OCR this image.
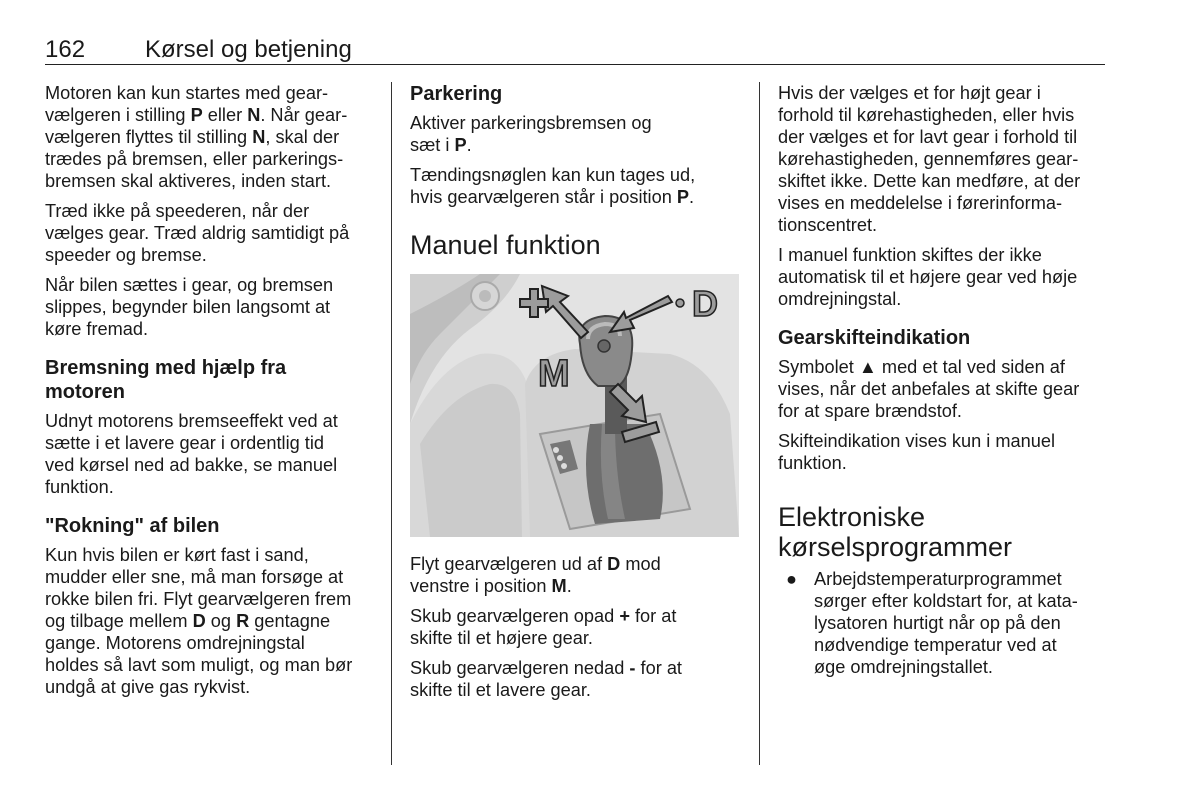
162 Kørsel og betjening

Motoren kan kun startes med gear-
vælgeren i stilling P eller N. Når gear-
vælgeren flyttes til stilling N, skal der
trædes på bremsen, eller parkerings-
bremsen skal aktiveres, inden start.

Træd ikke på speederen, når der
vælges gear. Træd aldrig samtidigt på
speeder og bremse.

Når bilen sættes i gear, og bremsen
slippes, begynder bilen langsomt at
køre fremad.

Bremsning med hjælp fra
motoren

Udnyt motorens bremseeffekt ved at
sætte i et lavere gear i ordentlig tid
ved kørsel ned ad bakke, se manuel
funktion.

"Rokning" af bilen

Kun hvis bilen er kørt fast i sand,
mudder eller sne, må man forsøge at
rokke bilen fri. Flyt gearvælgeren frem
og tilbage mellem D og R gentagne
gange. Motorens omdrejningstal
holdes så lavt som muligt, og man bør
undgå at give gas rykvist.

Parkering

Aktiver parkeringsbremsen og
sæt i P.

Tændingsnøglen kan kun tages ud,
hvis gearvælgeren står i position P.

Manuel funktion
M
D

Flyt gearvælgeren ud af D mod
venstre i position M.

Skub gearvælgeren opad + for at
skifte til et højere gear.

Skub gearvælgeren nedad - for at
skifte til et lavere gear.

Hvis der vælges et for højt gear i
forhold til kørehastigheden, eller hvis
der vælges et for lavt gear i forhold til
kørehastigheden, gennemføres gear-
skiftet ikke. Dette kan medføre, at der
vises en meddelelse i førerinforma-
tionscentret.

I manuel funktion skiftes der ikke
automatisk til et højere gear ved høje
omdrejningstal.

Gearskifteindikation

Symbolet ▲ med et tal ved siden af
vises, når det anbefales at skifte gear
for at spare brændstof.

Skifteindikation vises kun i manuel
funktion.

Elektroniske
kørselsprogrammer
● Arbejdstemperaturprogrammet
sørger efter koldstart for, at kata-
lysatoren hurtigt når op på den
nødvendige temperatur ved at
øge omdrejningstallet.
